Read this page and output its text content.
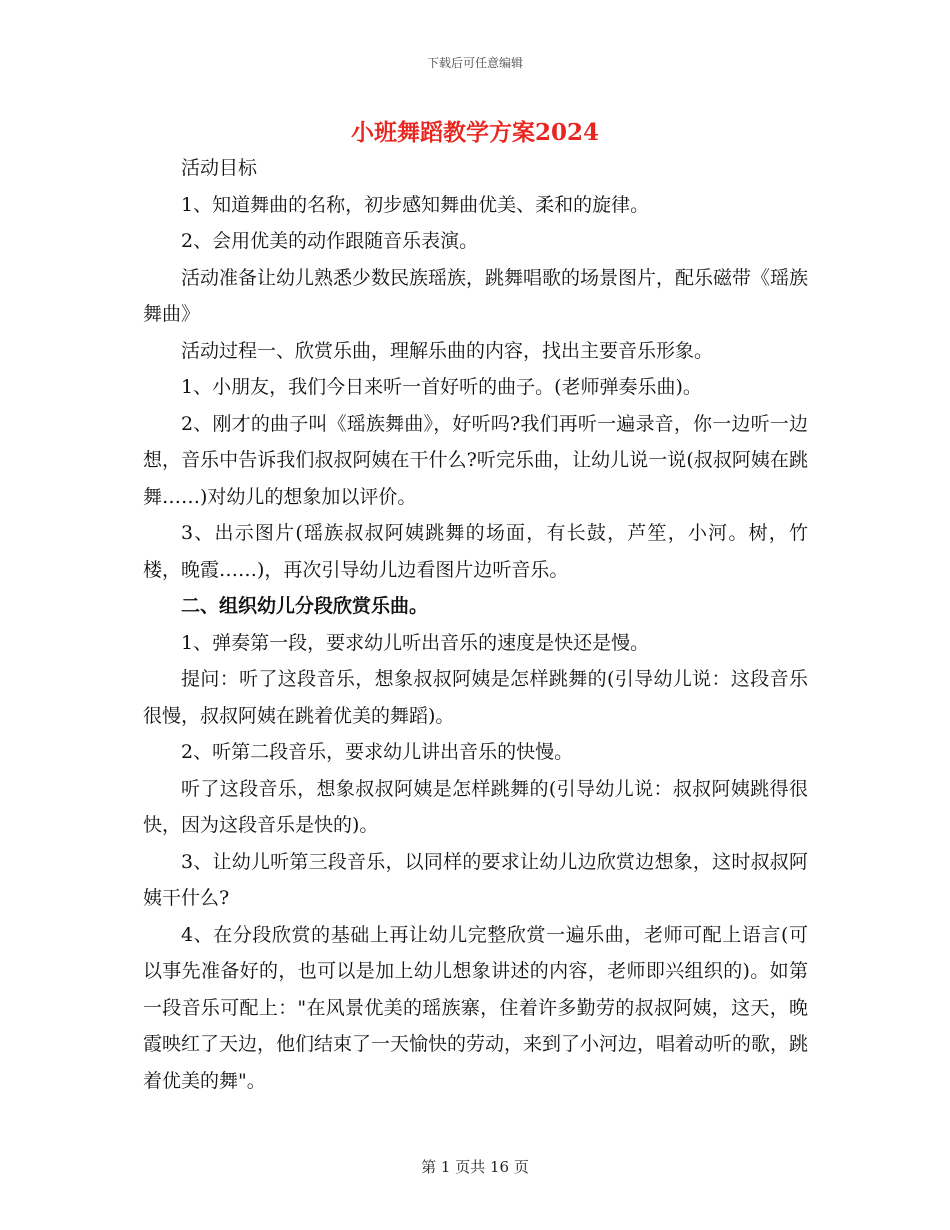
下载后可任意编辑
小班舞蹈教学方案2024

活动目标

1、知道舞曲的名称，初步感知舞曲优美、柔和的旋律。

2、会用优美的动作跟随音乐表演。

活动准备让幼儿熟悉少数民族瑶族，跳舞唱歌的场景图片，配乐磁带《瑶族舞曲》

活动过程一、欣赏乐曲，理解乐曲的内容，找出主要音乐形象。

1、小朋友，我们今日来听一首好听的曲子。(老师弹奏乐曲)。

2、刚才的曲子叫《瑶族舞曲》，好听吗?我们再听一遍录音，你一边听一边想，音乐中告诉我们叔叔阿姨在干什么?听完乐曲，让幼儿说一说(叔叔阿姨在跳舞……)对幼儿的想象加以评价。

3、出示图片(瑶族叔叔阿姨跳舞的场面，有长鼓，芦笙，小河。树，竹楼，晚霞……)，再次引导幼儿边看图片边听音乐。

二、组织幼儿分段欣赏乐曲。

1、弹奏第一段，要求幼儿听出音乐的速度是快还是慢。

提问：听了这段音乐，想象叔叔阿姨是怎样跳舞的(引导幼儿说：这段音乐很慢，叔叔阿姨在跳着优美的舞蹈)。

2、听第二段音乐，要求幼儿讲出音乐的快慢。

听了这段音乐，想象叔叔阿姨是怎样跳舞的(引导幼儿说：叔叔阿姨跳得很快，因为这段音乐是快的)。

3、让幼儿听第三段音乐，以同样的要求让幼儿边欣赏边想象，这时叔叔阿姨干什么?

4、在分段欣赏的基础上再让幼儿完整欣赏一遍乐曲，老师可配上语言(可以事先准备好的，也可以是加上幼儿想象讲述的内容，老师即兴组织的)。如第一段音乐可配上："在风景优美的瑶族寨，住着许多勤劳的叔叔阿姨，这天，晚霞映红了天边，他们结束了一天愉快的劳动，来到了小河边，唱着动听的歌，跳着优美的舞"。

第 1 页共 16 页
